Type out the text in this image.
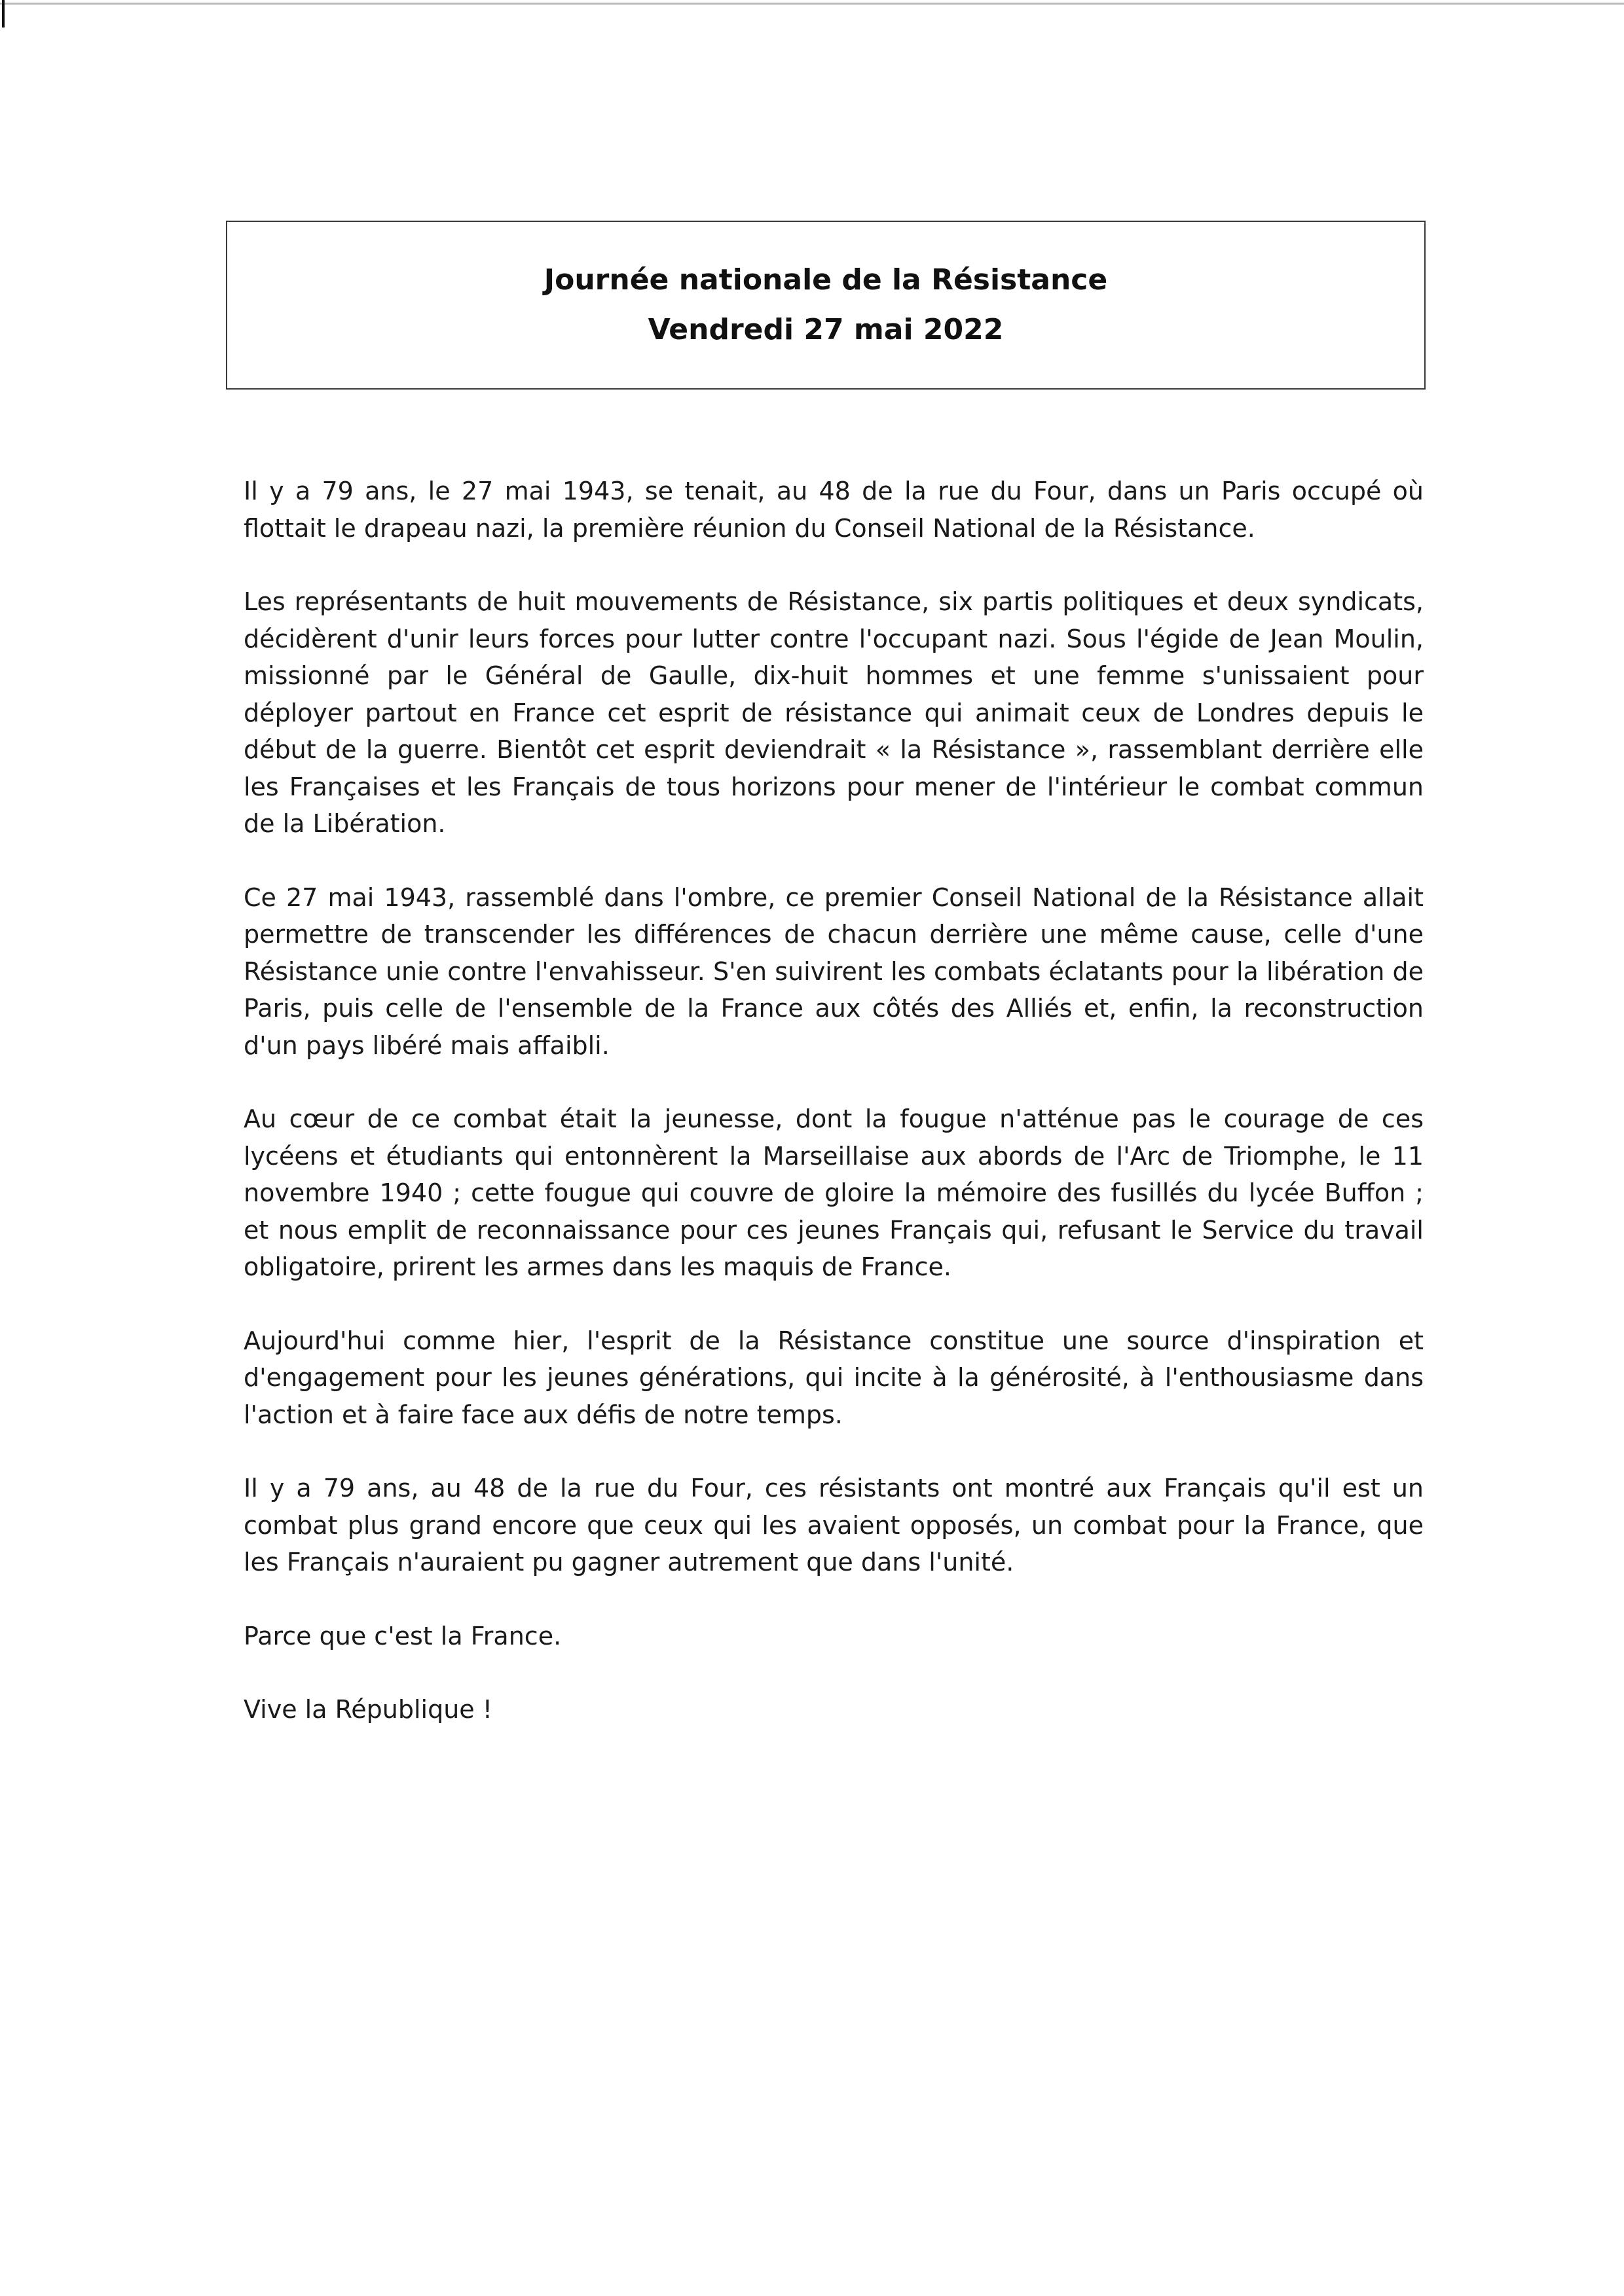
Journée nationale de la Résistance
Vendredi 27 mai 2022

Il y a 79 ans, le 27 mai 1943, se tenait, au 48 de la rue du Four, dans un Paris occupé où flottait le drapeau nazi, la première réunion du Conseil National de la Résistance.

Les représentants de huit mouvements de Résistance, six partis politiques et deux syndicats, décidèrent d'unir leurs forces pour lutter contre l'occupant nazi. Sous l'égide de Jean Moulin, missionné par le Général de Gaulle, dix-huit hommes et une femme s'unissaient pour déployer partout en France cet esprit de résistance qui animait ceux de Londres depuis le début de la guerre. Bientôt cet esprit deviendrait « la Résistance », rassemblant derrière elle les Françaises et les Français de tous horizons pour mener de l'intérieur le combat commun de la Libération.

Ce 27 mai 1943, rassemblé dans l'ombre, ce premier Conseil National de la Résistance allait permettre de transcender les différences de chacun derrière une même cause, celle d'une Résistance unie contre l'envahisseur. S'en suivirent les combats éclatants pour la libération de Paris, puis celle de l'ensemble de la France aux côtés des Alliés et, enfin, la reconstruction d'un pays libéré mais affaibli.

Au cœur de ce combat était la jeunesse, dont la fougue n'atténue pas le courage de ces lycéens et étudiants qui entonnèrent la Marseillaise aux abords de l'Arc de Triomphe, le 11 novembre 1940 ; cette fougue qui couvre de gloire la mémoire des fusillés du lycée Buffon ; et nous emplit de reconnaissance pour ces jeunes Français qui, refusant le Service du travail obligatoire, prirent les armes dans les maquis de France.

Aujourd'hui comme hier, l'esprit de la Résistance constitue une source d'inspiration et d'engagement pour les jeunes générations, qui incite à la générosité, à l'enthousiasme dans l'action et à faire face aux défis de notre temps.

Il y a 79 ans, au 48 de la rue du Four, ces résistants ont montré aux Français qu'il est un combat plus grand encore que ceux qui les avaient opposés, un combat pour la France, que les Français n'auraient pu gagner autrement que dans l'unité.

Parce que c'est la France.

Vive la République !
